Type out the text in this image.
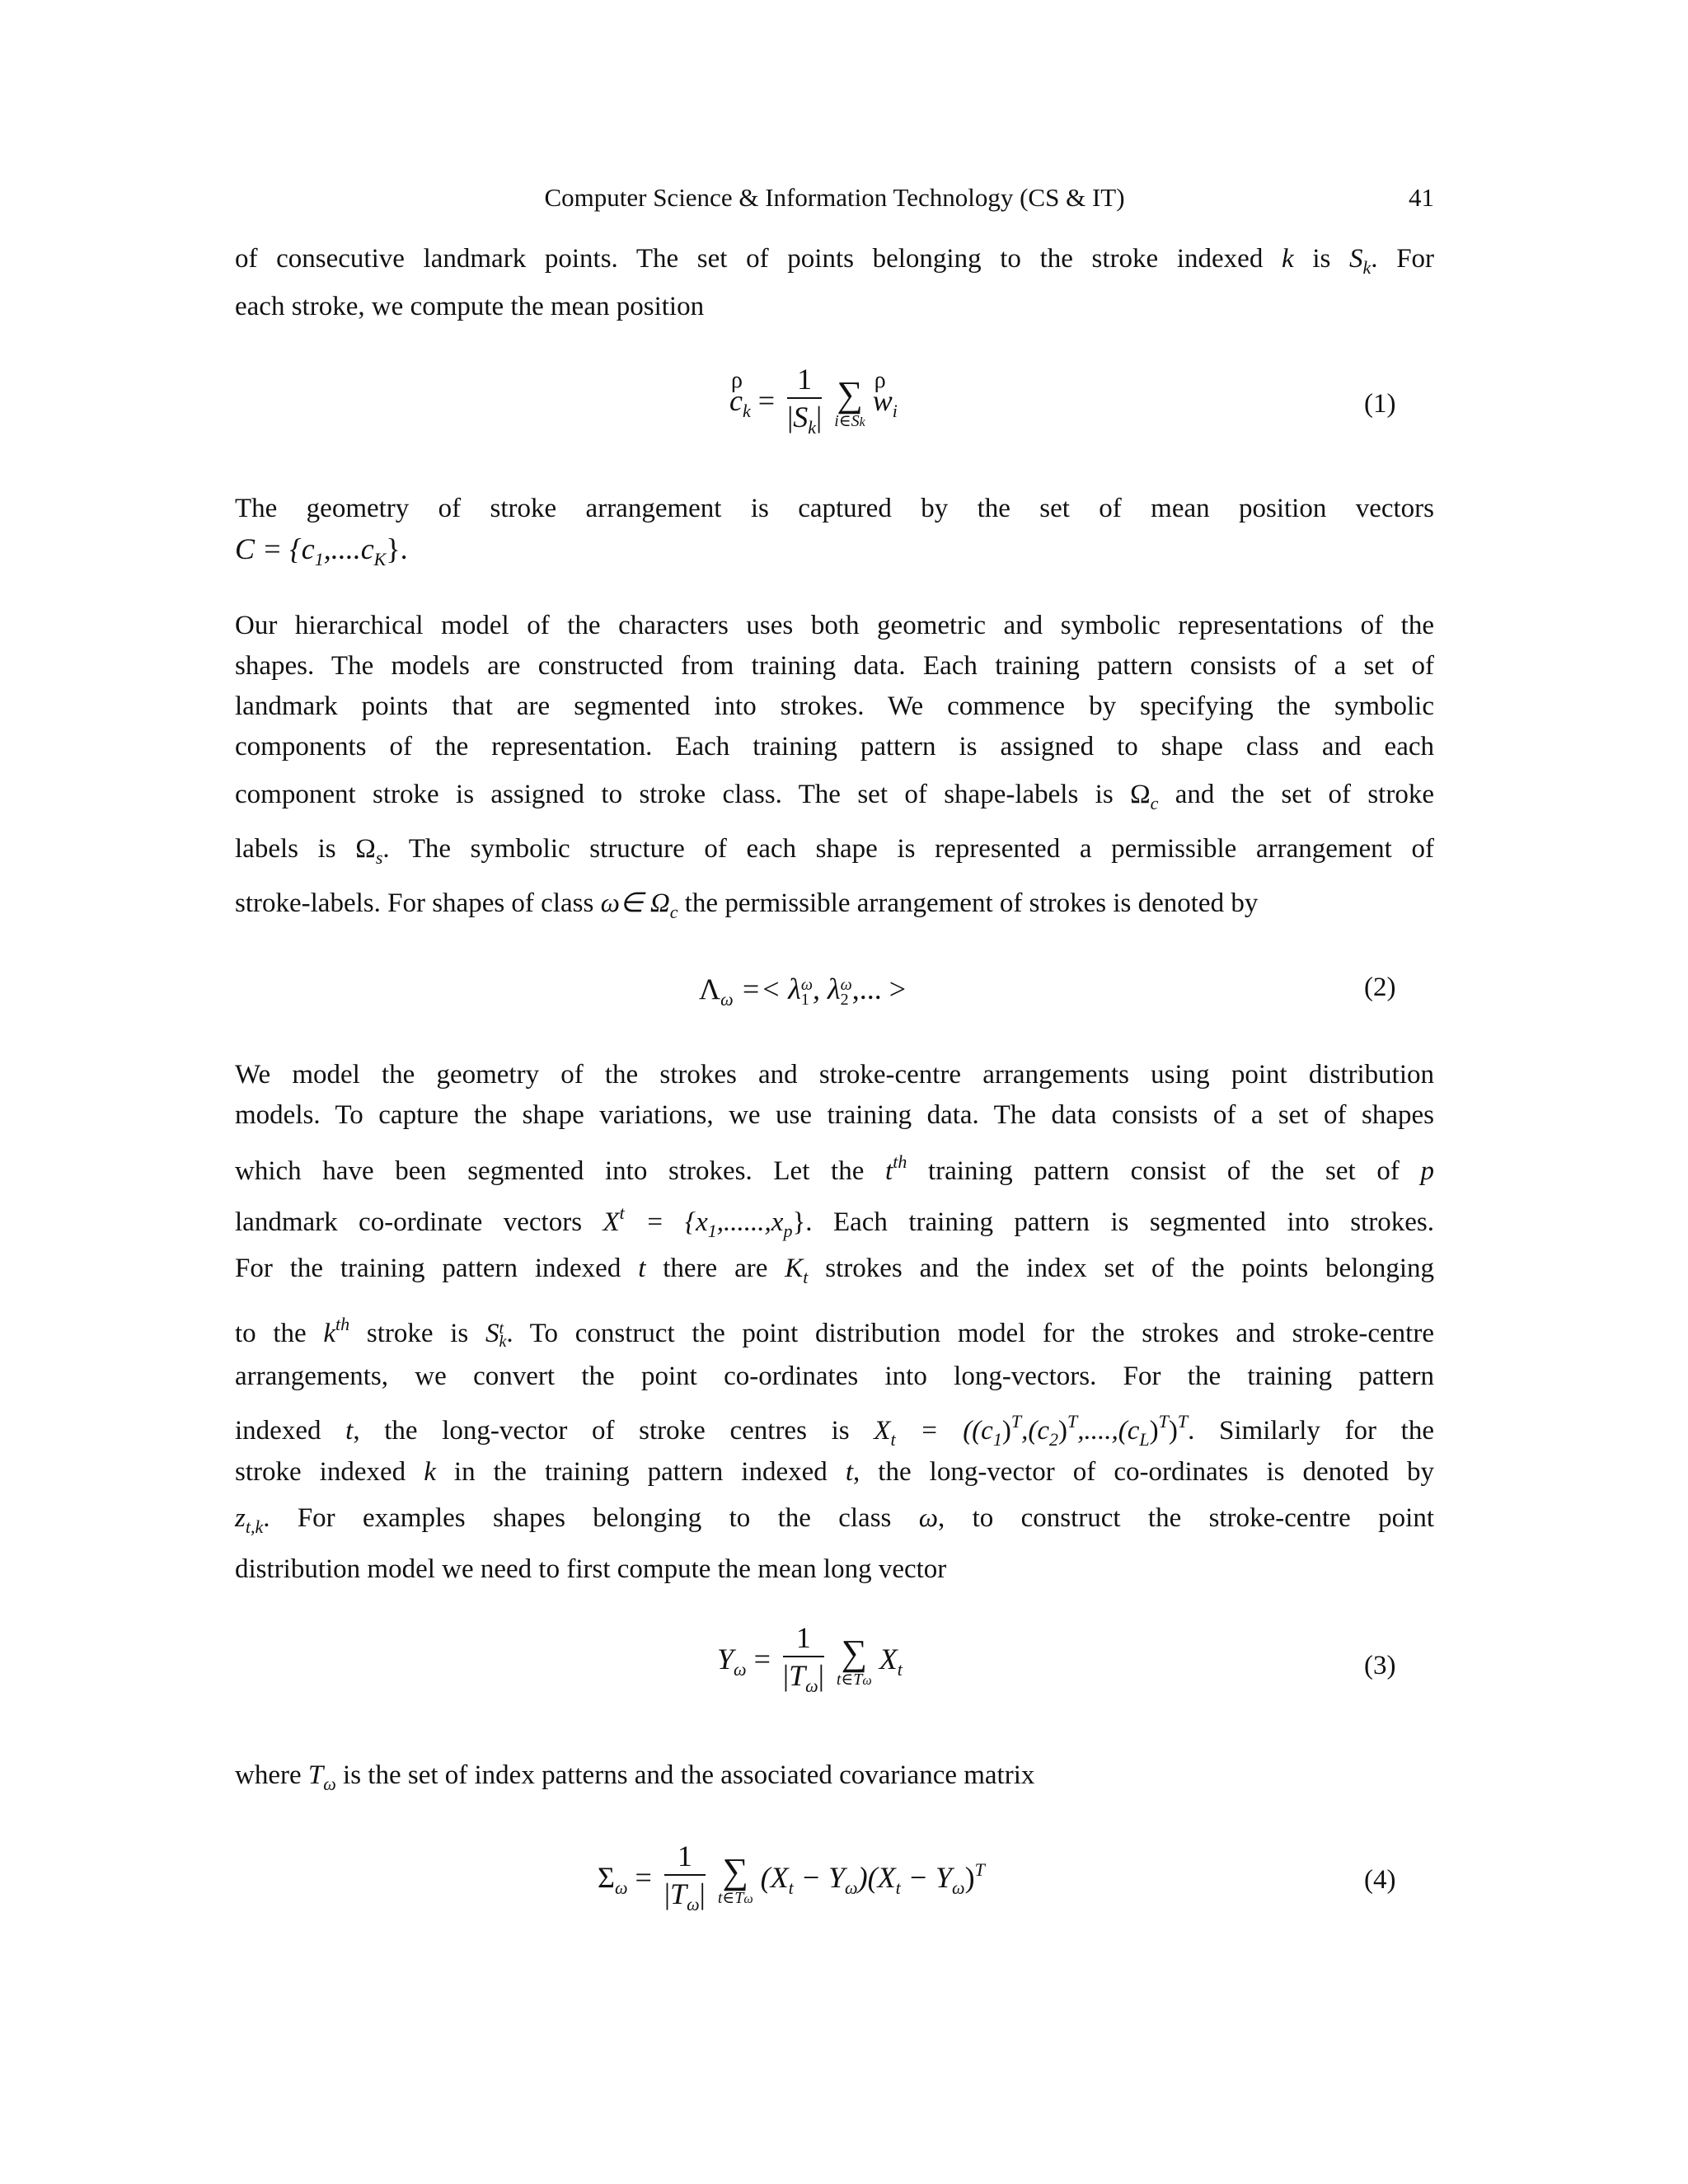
Computer Science & Information Technology (CS & IT)	41

of consecutive landmark points. The set of points belonging to the stroke indexed k is $S_k$. For

each stroke, we compute the mean position

ρ $c_k = \frac{1}{|S_k|}$
∑
i∈Sk
ρ $w_i$	(1)

The geometry of stroke arrangement is captured by the set of mean position vectors

$C = \{c_1,....c_K\}$.

Our hierarchical model of the characters uses both geometric and symbolic representations of the

shapes. The models are constructed from training data. Each training pattern consists of a set of

landmark points that are segmented into strokes. We commence by specifying the symbolic

components of the representation. Each training pattern is assigned to shape class and each

component stroke is assigned to stroke class. The set of shape-labels is $\Omega_c$ and the set of stroke

labels is $\Omega_s$. The symbolic structure of each shape is represented a permissible arrangement of

stroke-labels. For shapes of class ω∈ $\Omega_c$ the permissible arrangement of strokes is denoted by

$\Lambda_\omega =< \lambda$ ω
1 , λ ω
2 ,... >	(2)

We model the geometry of the strokes and stroke-centre arrangements using point distribution

models. To capture the shape variations, we use training data. The data consists of a set of shapes

which have been segmented into strokes. Let the $t^{th}$ training pattern consist of the set of p

landmark co-ordinate vectors $X^t = \{x_1,......,x_p\}$. Each training pattern is segmented into strokes.

For the training pattern indexed t there are $K_t$ strokes and the index set of the points belonging

to the $k^{th}$ stroke is S t
k . To construct the point distribution model for the strokes and stroke-centre

arrangements, we convert the point co-ordinates into long-vectors. For the training pattern

indexed t, the long-vector of stroke centres is $X_t = ((c_1)^T,(c_2)^T,....,(c_L)^T)^T$. Similarly for the

stroke indexed k in the training pattern indexed t, the long-vector of co-ordinates is denoted by

$z_{t,k}$. For examples shapes belonging to the class ω, to construct the stroke-centre point

distribution model we need to first compute the mean long vector

$Y_\omega = \frac{1}{|T_\omega|}$
∑
t∈Tω
$X_t$	(3)

where $T_\omega$ is the set of index patterns and the associated covariance matrix

$\Sigma_\omega = \frac{1}{|T_\omega|}$
∑
t∈Tω
$(X_t - Y_\omega)(X_t - Y_\omega)^T$	(4)
